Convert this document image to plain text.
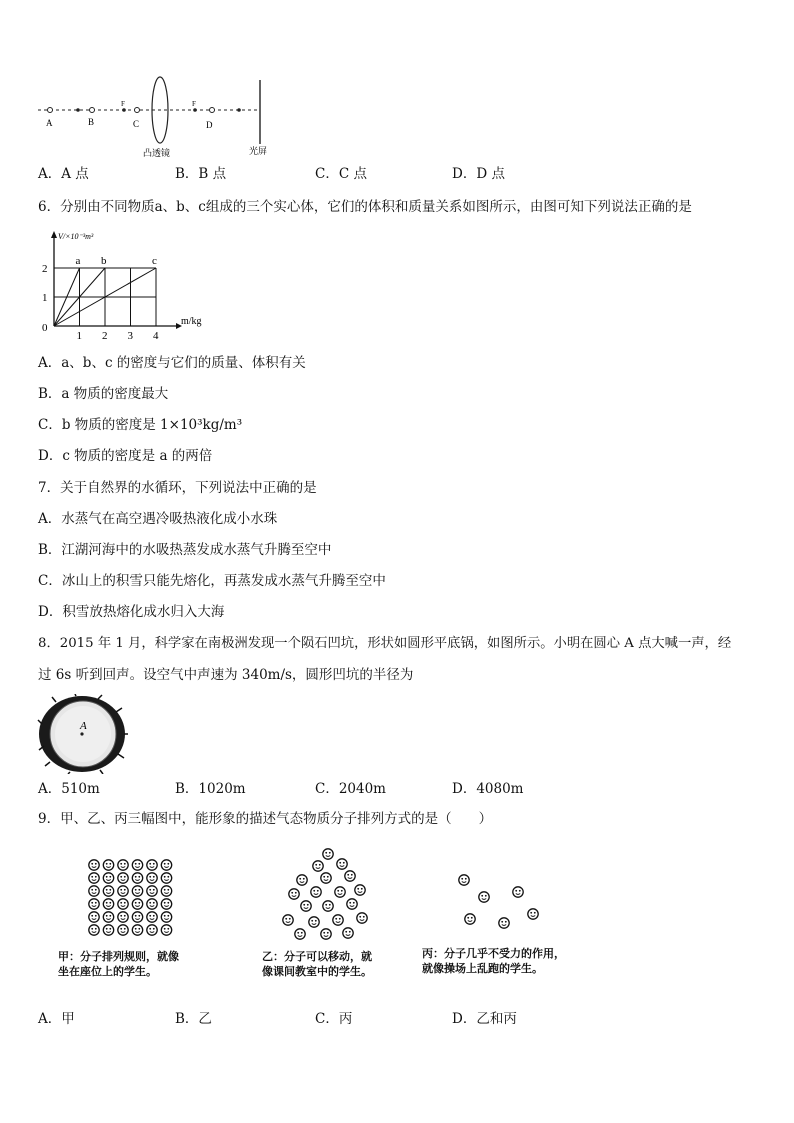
A	B
F
C
F
D
凸透镜	光屏
A．A 点	B．B 点	C．C 点	D．D 点
6．分别由不同物质a、b、c组成的三个实心体，它们的体积和质量关系如图所示，由图可知下列说法正确的是
1
2
1 2 3 4
0
V/×10⁻³m³
m/kg
a b	c
A．a、b、c 的密度与它们的质量、体积有关
B．a 物质的密度最大
C．b 物质的密度是 1×10³kg/m³
D．c 物质的密度是 a 的两倍
7．关于自然界的水循环，下列说法中正确的是
A．水蒸气在高空遇冷吸热液化成小水珠
B．江湖河海中的水吸热蒸发成水蒸气升腾至空中
C．冰山上的积雪只能先熔化，再蒸发成水蒸气升腾至空中
D．积雪放热熔化成水归入大海
8．2015 年 1 月，科学家在南极洲发现一个陨石凹坑，形状如圆形平底锅，如图所示。小明在圆心 A 点大喊一声，经
过 6s 听到回声。设空气中声速为 340m/s，圆形凹坑的半径为
A
A．510m	B．1020m	C．2040m	D．4080m
9．甲、乙、丙三幅图中，能形象的描述气态物质分子排列方式的是（　　）
甲：分子排列规则，就像
坐在座位上的学生。
乙：分子可以移动，就
像课间教室中的学生。
丙：分子几乎不受力的作用，
就像操场上乱跑的学生。
A．甲	B．乙	C．丙	D．乙和丙
